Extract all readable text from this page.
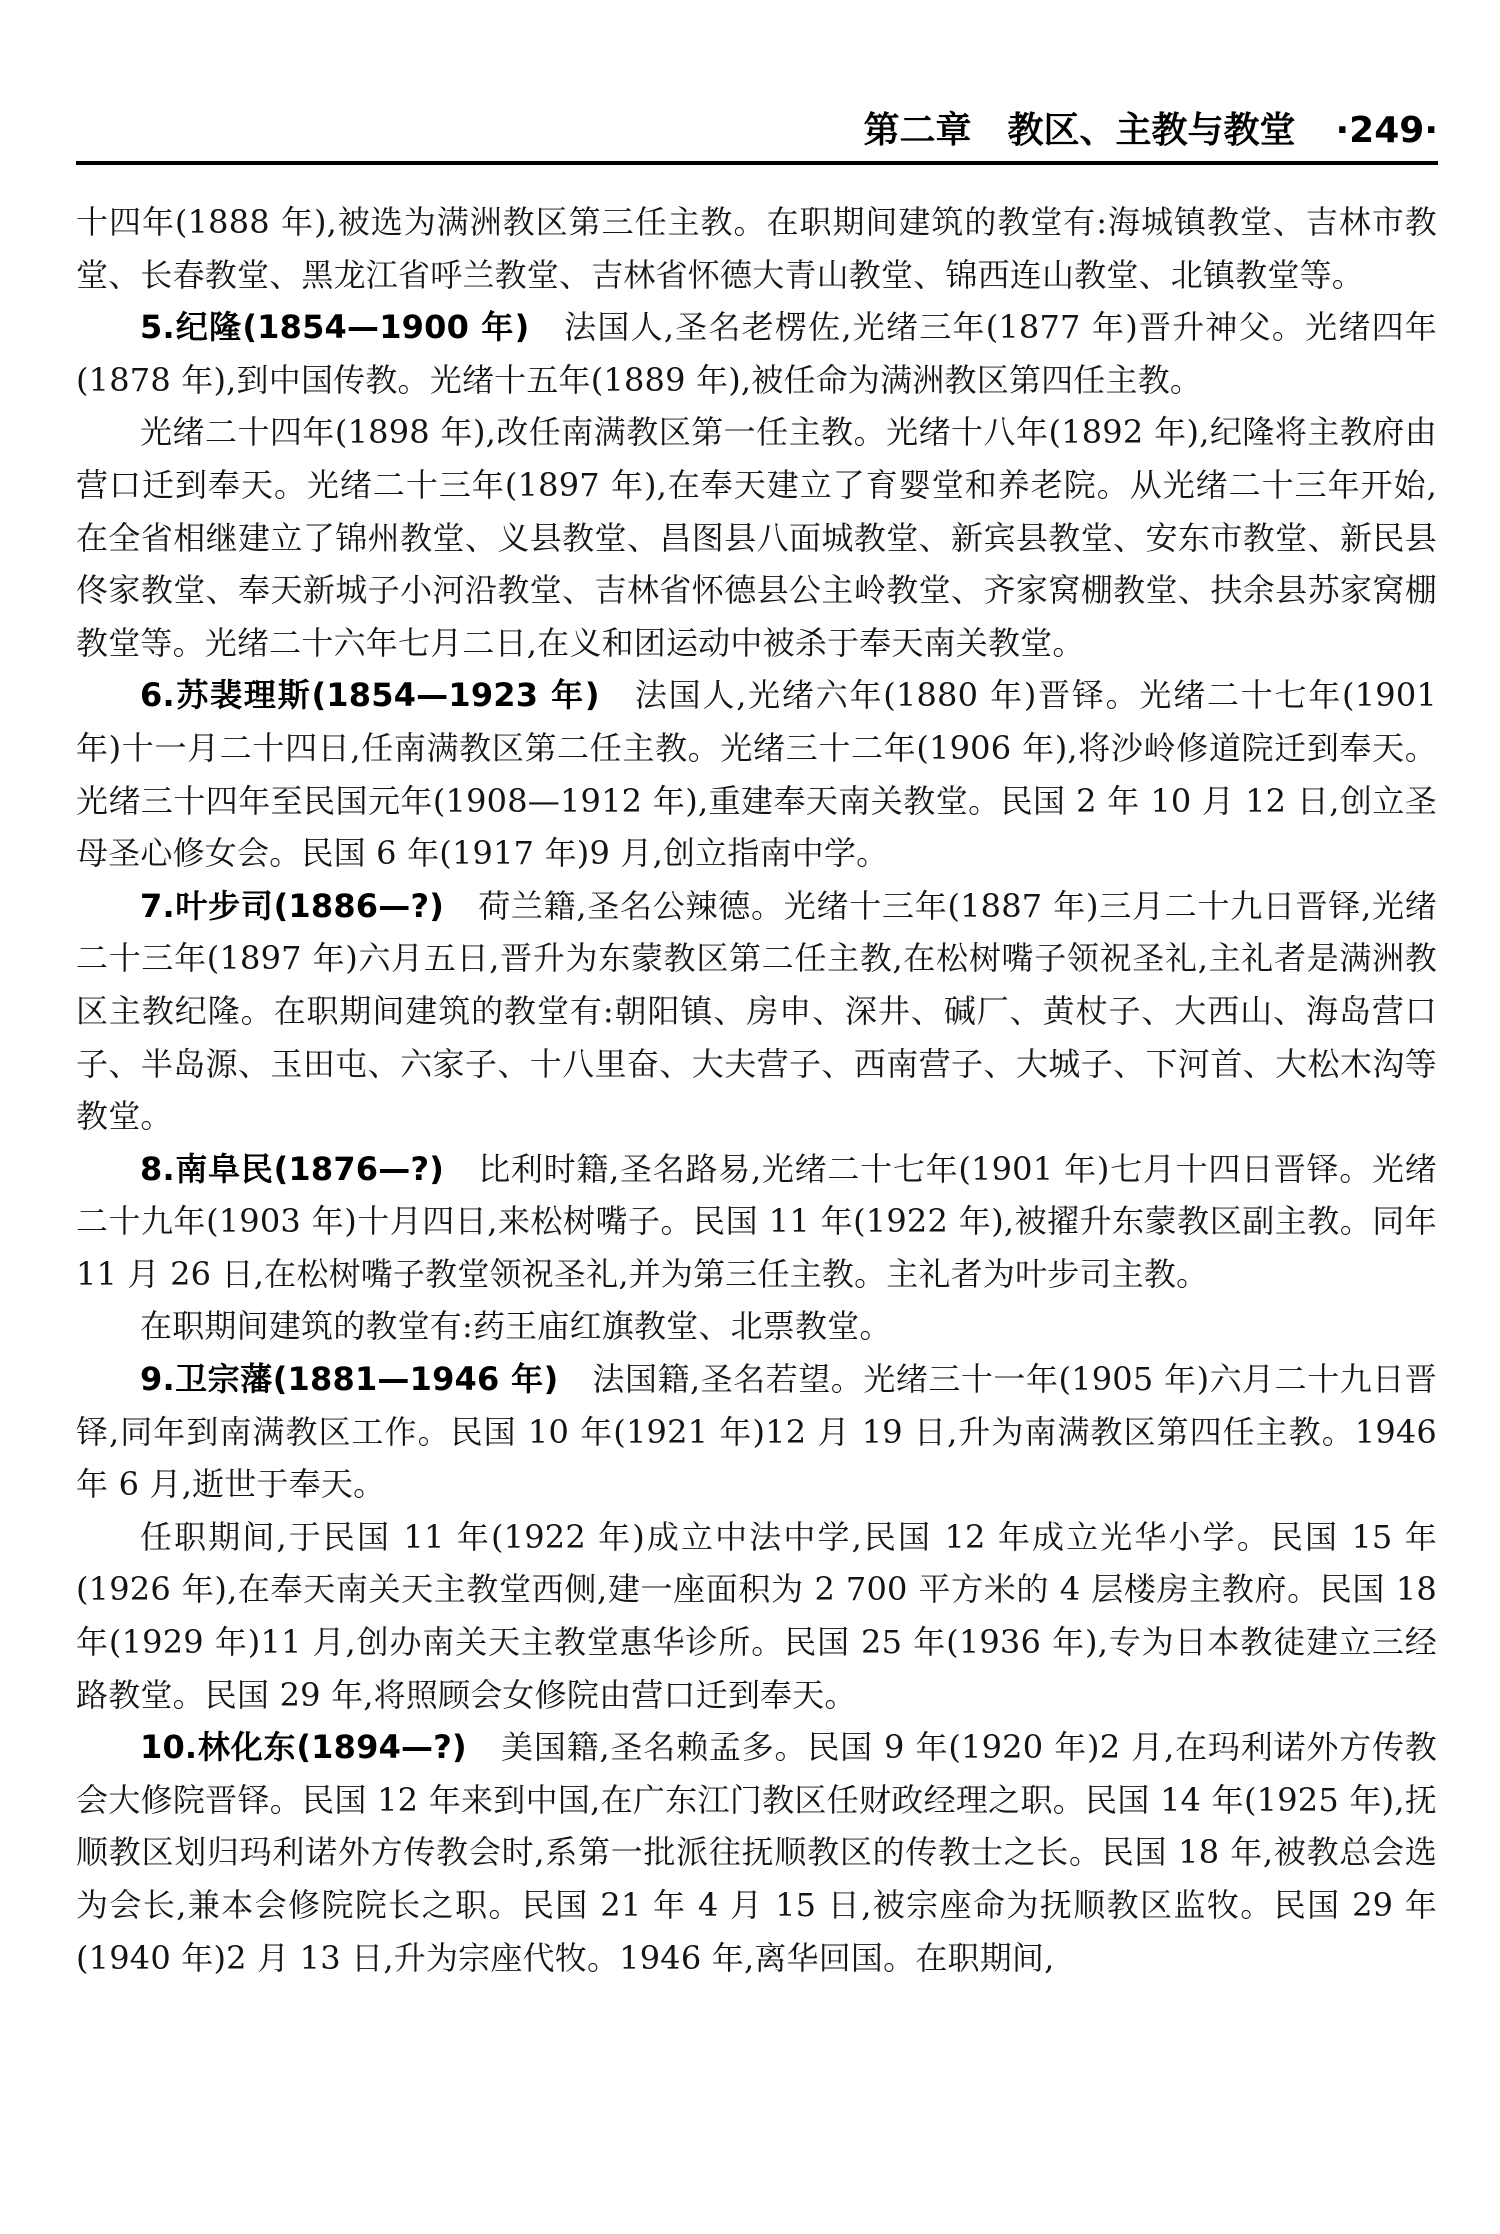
第二章　教区、主教与教堂 ·249·

十四年(1888 年),被选为满洲教区第三任主教。在职期间建筑的教堂有:海城镇教堂、吉林市教堂、长春教堂、黑龙江省呼兰教堂、吉林省怀德大青山教堂、锦西连山教堂、北镇教堂等。

5.纪隆(1854—1900 年) 法国人,圣名老楞佐,光绪三年(1877 年)晋升神父。光绪四年(1878 年),到中国传教。光绪十五年(1889 年),被任命为满洲教区第四任主教。

光绪二十四年(1898 年),改任南满教区第一任主教。光绪十八年(1892 年),纪隆将主教府由营口迁到奉天。光绪二十三年(1897 年),在奉天建立了育婴堂和养老院。从光绪二十三年开始,在全省相继建立了锦州教堂、义县教堂、昌图县八面城教堂、新宾县教堂、安东市教堂、新民县佟家教堂、奉天新城子小河沿教堂、吉林省怀德县公主岭教堂、齐家窝棚教堂、扶余县苏家窝棚教堂等。光绪二十六年七月二日,在义和团运动中被杀于奉天南关教堂。

6.苏裴理斯(1854—1923 年) 法国人,光绪六年(1880 年)晋铎。光绪二十七年(1901 年)十一月二十四日,任南满教区第二任主教。光绪三十二年(1906 年),将沙岭修道院迁到奉天。光绪三十四年至民国元年(1908—1912 年),重建奉天南关教堂。民国 2 年 10 月 12 日,创立圣母圣心修女会。民国 6 年(1917 年)9 月,创立指南中学。

7.叶步司(1886—?) 荷兰籍,圣名公辣德。光绪十三年(1887 年)三月二十九日晋铎,光绪二十三年(1897 年)六月五日,晋升为东蒙教区第二任主教,在松树嘴子领祝圣礼,主礼者是满洲教区主教纪隆。在职期间建筑的教堂有:朝阳镇、房申、深井、碱厂、黄杖子、大西山、海岛营口子、半岛源、玉田屯、六家子、十八里奋、大夫营子、西南营子、大城子、下河首、大松木沟等教堂。

8.南阜民(1876—?) 比利时籍,圣名路易,光绪二十七年(1901 年)七月十四日晋铎。光绪二十九年(1903 年)十月四日,来松树嘴子。民国 11 年(1922 年),被擢升东蒙教区副主教。同年 11 月 26 日,在松树嘴子教堂领祝圣礼,并为第三任主教。主礼者为叶步司主教。

在职期间建筑的教堂有:药王庙红旗教堂、北票教堂。

9.卫宗藩(1881—1946 年) 法国籍,圣名若望。光绪三十一年(1905 年)六月二十九日晋铎,同年到南满教区工作。民国 10 年(1921 年)12 月 19 日,升为南满教区第四任主教。1946 年 6 月,逝世于奉天。

任职期间,于民国 11 年(1922 年)成立中法中学,民国 12 年成立光华小学。民国 15 年(1926 年),在奉天南关天主教堂西侧,建一座面积为 2 700 平方米的 4 层楼房主教府。民国 18 年(1929 年)11 月,创办南关天主教堂惠华诊所。民国 25 年(1936 年),专为日本教徒建立三经路教堂。民国 29 年,将照顾会女修院由营口迁到奉天。

10.林化东(1894—?) 美国籍,圣名赖孟多。民国 9 年(1920 年)2 月,在玛利诺外方传教会大修院晋铎。民国 12 年来到中国,在广东江门教区任财政经理之职。民国 14 年(1925 年),抚顺教区划归玛利诺外方传教会时,系第一批派往抚顺教区的传教士之长。民国 18 年,被教总会选为会长,兼本会修院院长之职。民国 21 年 4 月 15 日,被宗座命为抚顺教区监牧。民国 29 年(1940 年)2 月 13 日,升为宗座代牧。1946 年,离华回国。在职期间,
